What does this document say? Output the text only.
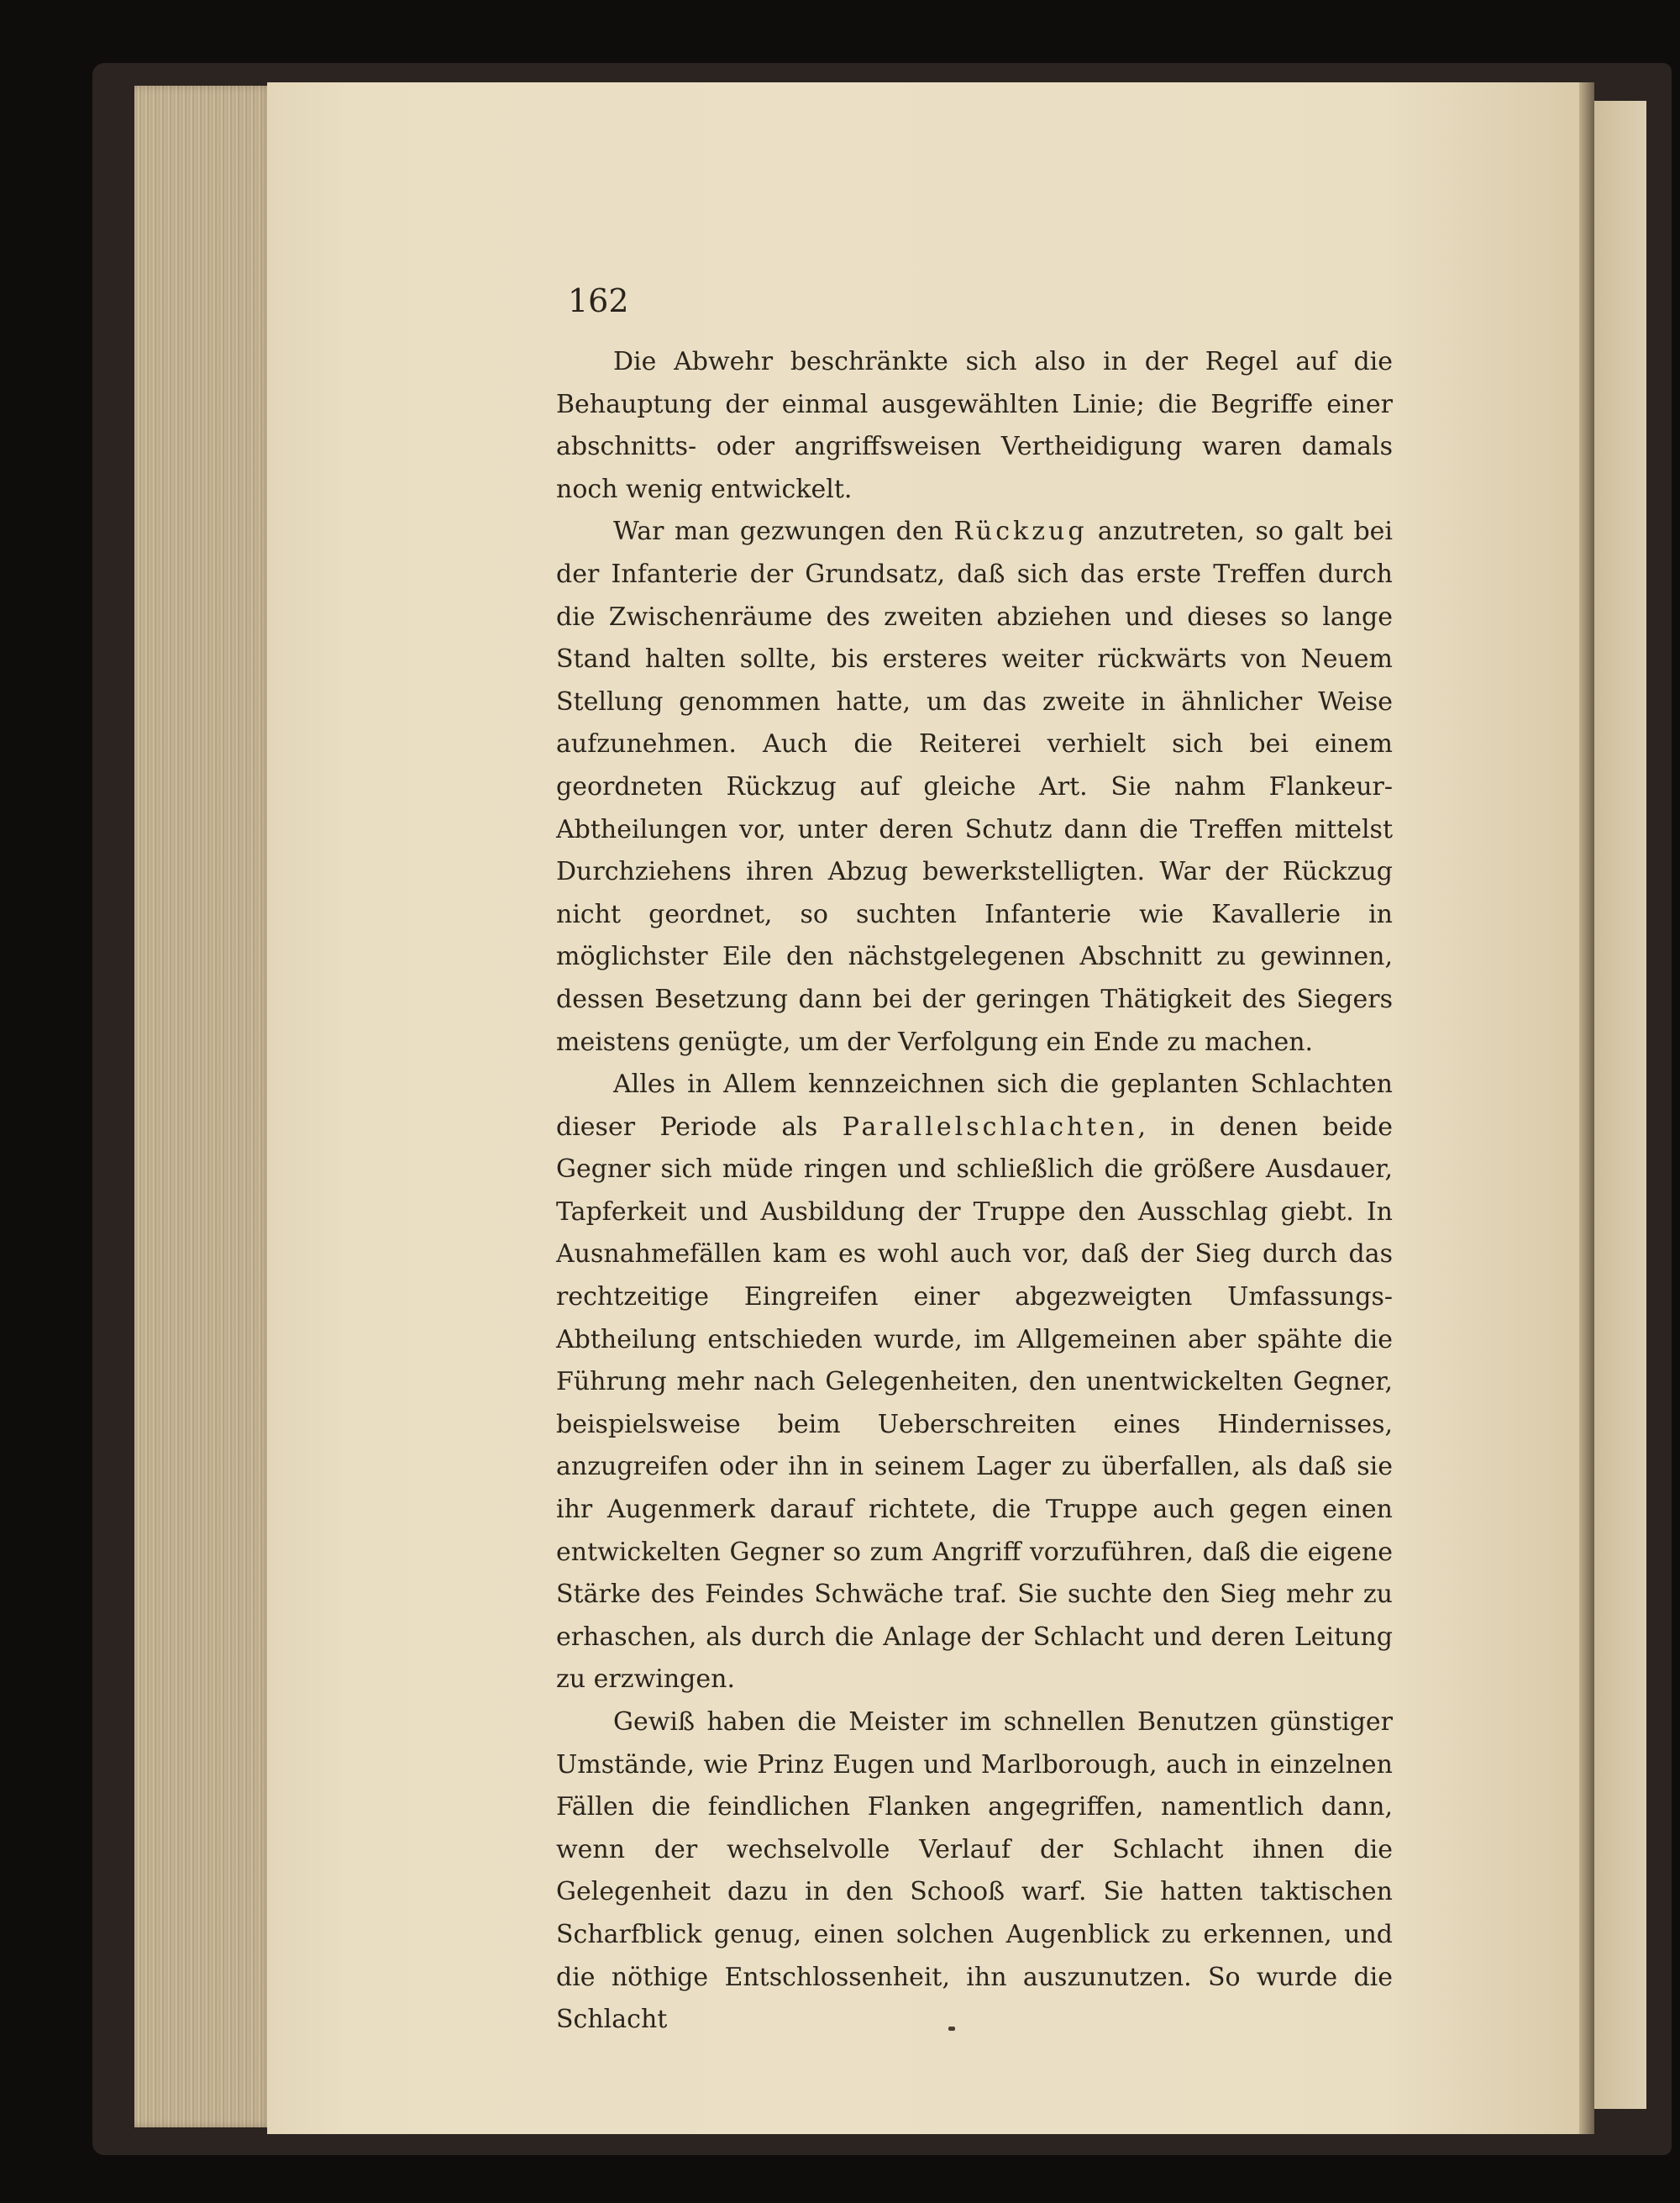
162

Die Abwehr beschränkte sich also in der Regel auf die Behauptung der einmal ausgewählten Linie; die Begriffe einer abschnitts- oder angriffsweisen Vertheidigung waren damals noch wenig entwickelt.

War man gezwungen den Rückzug anzutreten, so galt bei der Infanterie der Grundsatz, daß sich das erste Treffen durch die Zwischenräume des zweiten abziehen und dieses so lange Stand halten sollte, bis ersteres weiter rückwärts von Neuem Stellung genommen hatte, um das zweite in ähnlicher Weise aufzunehmen. Auch die Reiterei verhielt sich bei einem geordneten Rückzug auf gleiche Art. Sie nahm Flankeur-Abtheilungen vor, unter deren Schutz dann die Treffen mittelst Durchziehens ihren Abzug bewerkstelligten. War der Rückzug nicht geordnet, so suchten Infanterie wie Kavallerie in möglichster Eile den nächstgelegenen Abschnitt zu gewinnen, dessen Besetzung dann bei der geringen Thätigkeit des Siegers meistens genügte, um der Verfolgung ein Ende zu machen.

Alles in Allem kennzeichnen sich die geplanten Schlachten dieser Periode als Parallelschlachten, in denen beide Gegner sich müde ringen und schließlich die größere Ausdauer, Tapferkeit und Ausbildung der Truppe den Ausschlag giebt. In Ausnahmefällen kam es wohl auch vor, daß der Sieg durch das rechtzeitige Eingreifen einer abgezweigten Umfassungs-Abtheilung entschieden wurde, im Allgemeinen aber spähte die Führung mehr nach Gelegenheiten, den unentwickelten Gegner, beispielsweise beim Ueberschreiten eines Hindernisses, anzugreifen oder ihn in seinem Lager zu überfallen, als daß sie ihr Augenmerk darauf richtete, die Truppe auch gegen einen entwickelten Gegner so zum Angriff vorzuführen, daß die eigene Stärke des Feindes Schwäche traf. Sie suchte den Sieg mehr zu erhaschen, als durch die Anlage der Schlacht und deren Leitung zu erzwingen.

Gewiß haben die Meister im schnellen Benutzen günstiger Umstände, wie Prinz Eugen und Marlborough, auch in einzelnen Fällen die feindlichen Flanken angegriffen, namentlich dann, wenn der wechselvolle Verlauf der Schlacht ihnen die Gelegenheit dazu in den Schooß warf. Sie hatten taktischen Scharfblick genug, einen solchen Augenblick zu erkennen, und die nöthige Entschlossenheit, ihn auszunutzen. So wurde die Schlacht
